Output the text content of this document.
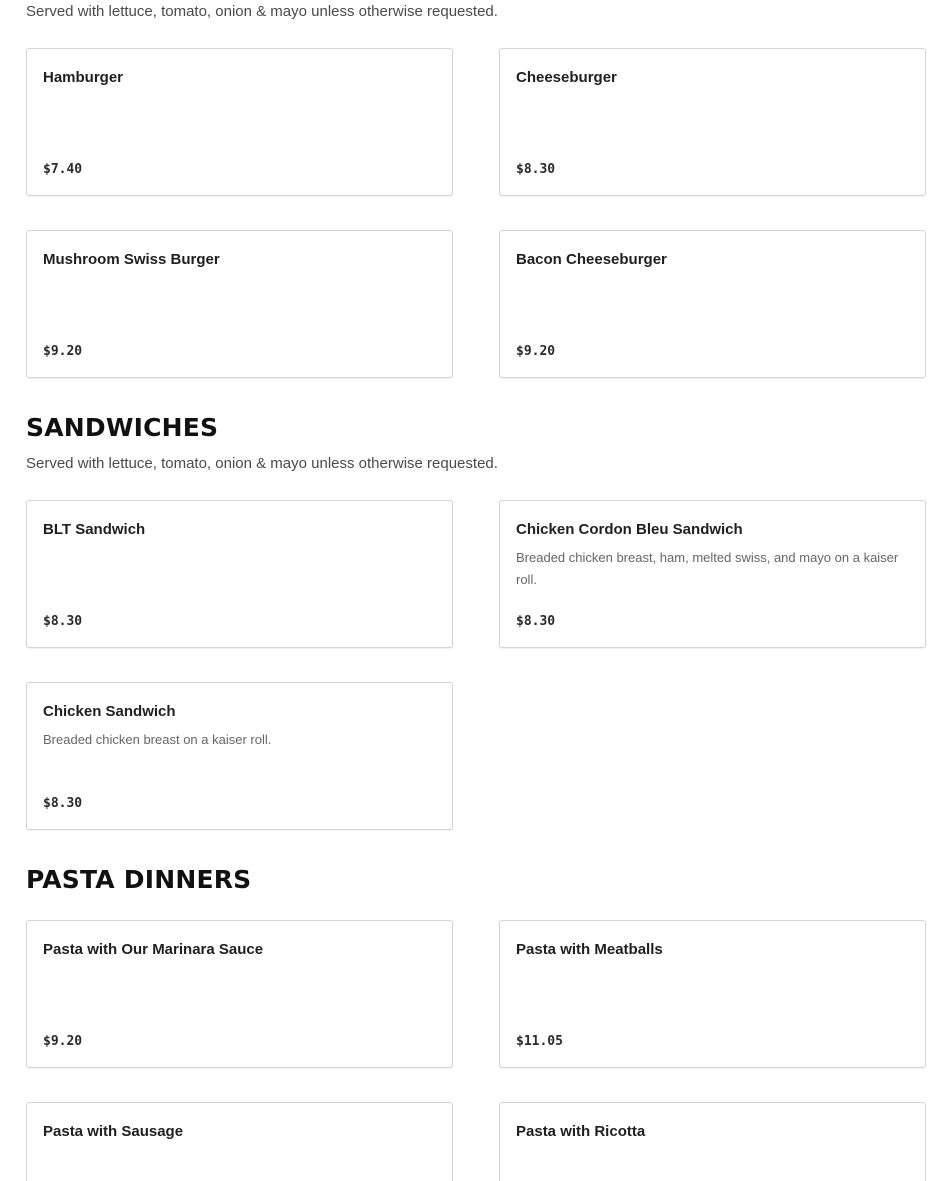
Served with lettuce, tomato, onion & mayo unless otherwise requested.
Hamburger
$7.40
Cheeseburger
$8.30
Mushroom Swiss Burger
$9.20
Bacon Cheeseburger
$9.20
SANDWICHES
Served with lettuce, tomato, onion & mayo unless otherwise requested.
BLT Sandwich
$8.30
Chicken Cordon Bleu Sandwich
Breaded chicken breast, ham, melted swiss, and mayo on a kaiser roll.
$8.30
Chicken Sandwich
Breaded chicken breast on a kaiser roll.
$8.30
PASTA DINNERS
Pasta with Our Marinara Sauce
$9.20
Pasta with Meatballs
$11.05
Pasta with Sausage	Pasta with Ricotta
